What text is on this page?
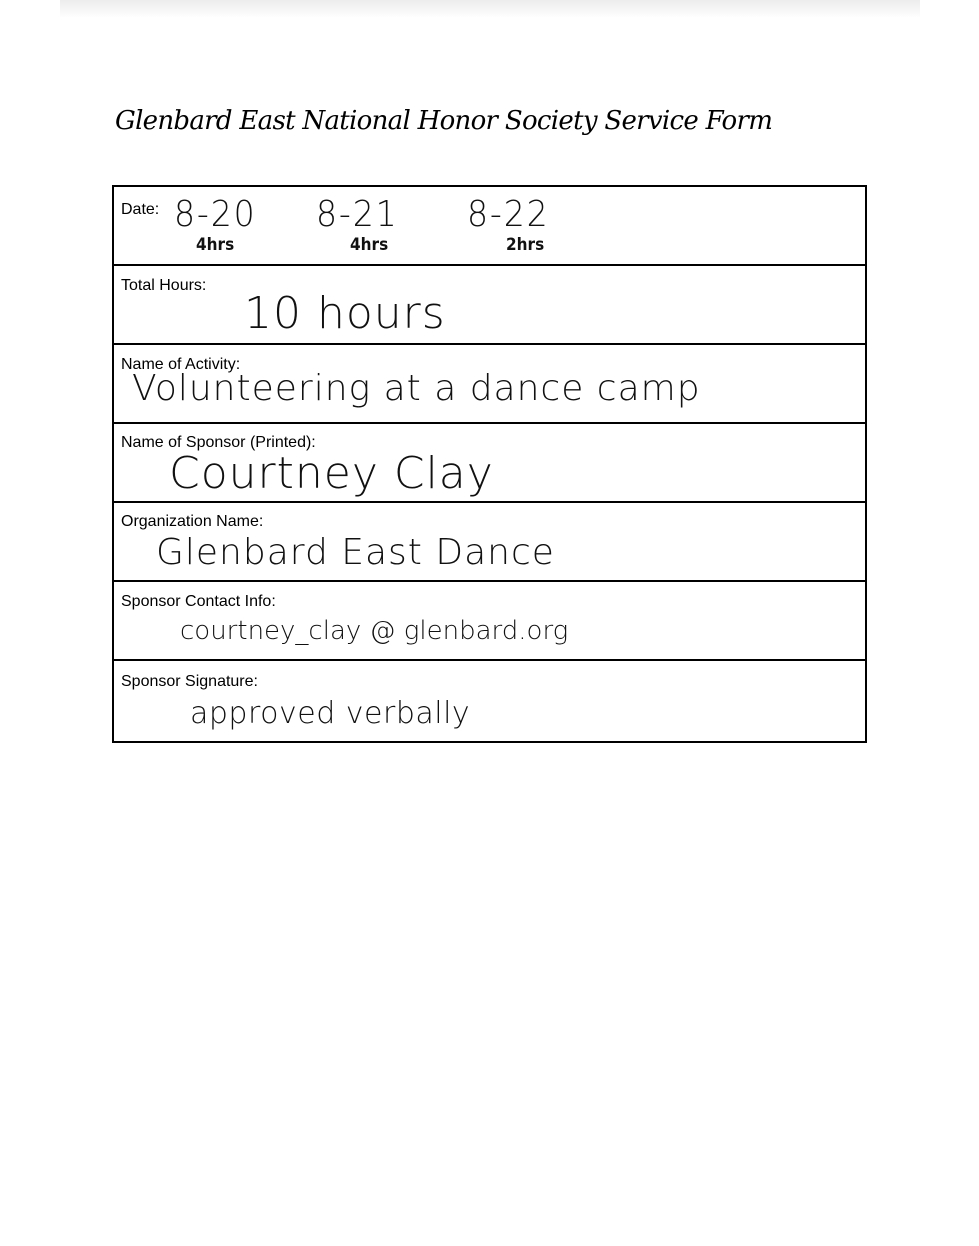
Glenbard East National Honor Society Service Form
Date: 8-20
4hrs
8-21
4hrs
8-22
2hrs
Total Hours:
10 hours
Name of Activity:
Volunteering at a dance camp
Name of Sponsor (Printed):
Courtney Clay
Organization Name:
Glenbard East Dance
Sponsor Contact Info:
courtney_clay @ glenbard.org
Sponsor Signature:
approved verbally
